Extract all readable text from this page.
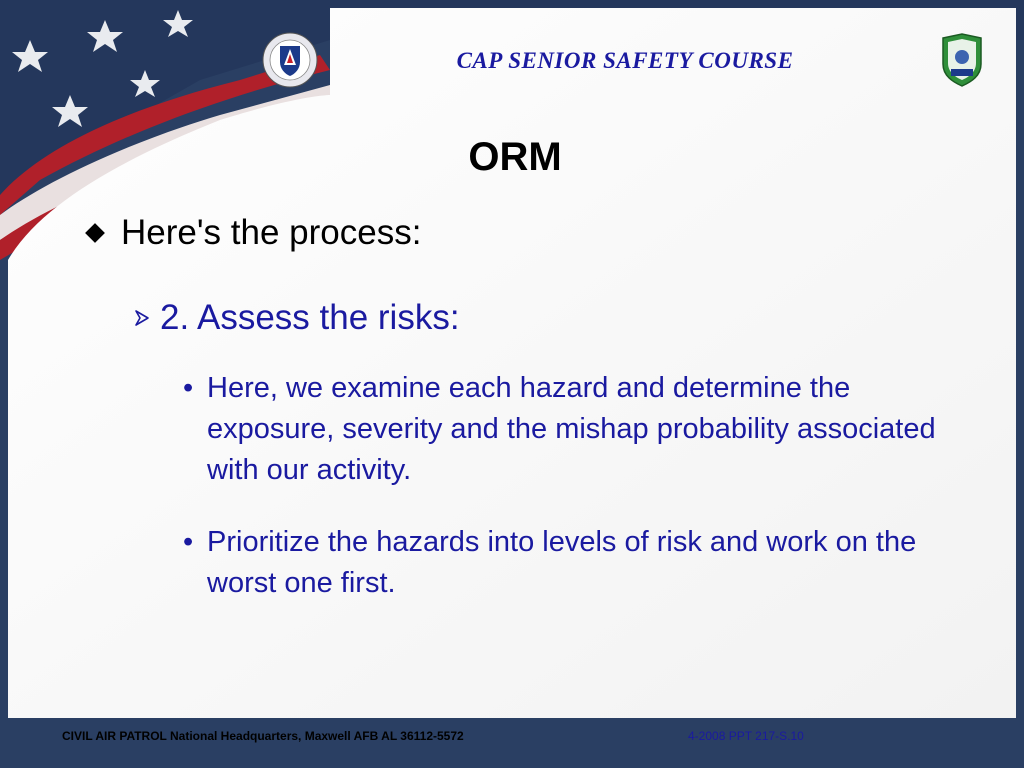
CAP SENIOR SAFETY COURSE
ORM
Here's the process:
2. Assess the risks:
• Here, we examine each hazard and determine the exposure, severity and the mishap probability associated with our activity.
• Prioritize the hazards into levels of risk and work on the worst one first.
CIVIL AIR PATROL National Headquarters, Maxwell AFB AL 36112-5572	4-2008 PPT 217-S.10
